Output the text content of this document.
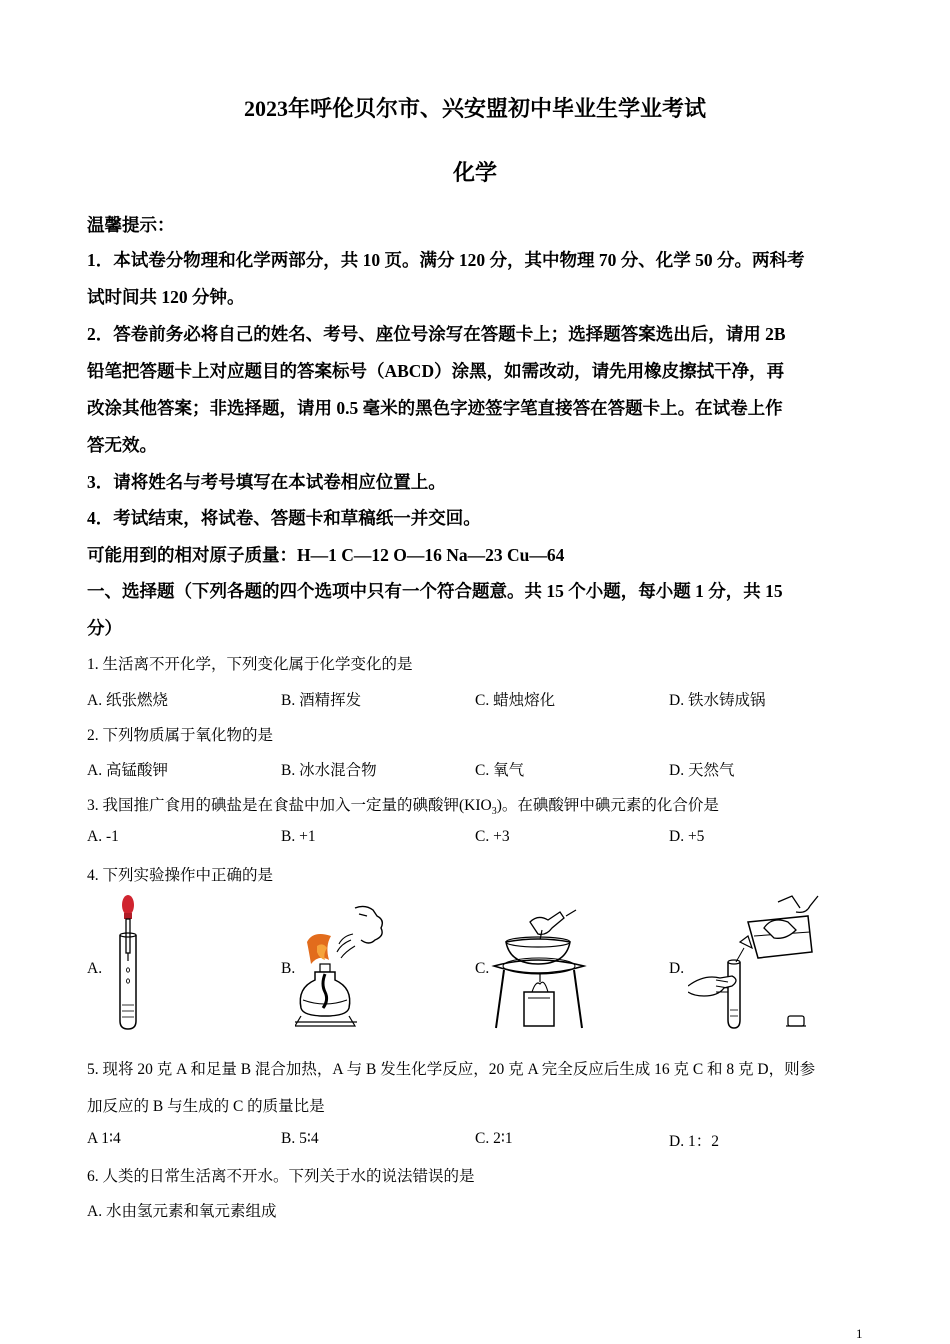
2023年呼伦贝尔市、兴安盟初中毕业生学业考试
化学
温馨提示：
1．本试卷分物理和化学两部分，共 10 页。满分 120 分，其中物理 70 分、化学 50 分。两科考
试时间共 120 分钟。
2．答卷前务必将自己的姓名、考号、座位号涂写在答题卡上；选择题答案选出后，请用 2B
铅笔把答题卡上对应题目的答案标号（ABCD）涂黑，如需改动，请先用橡皮擦拭干净，再
改涂其他答案；非选择题，请用 0.5 毫米的黑色字迹签字笔直接答在答题卡上。在试卷上作
答无效。
3．请将姓名与考号填写在本试卷相应位置上。
4．考试结束，将试卷、答题卡和草稿纸一并交回。
可能用到的相对原子质量：H—1 C—12 O—16 Na—23 Cu—64
一、选择题（下列各题的四个选项中只有一个符合题意。共 15 个小题，每小题 1 分，共 15
分）
1. 生活离不开化学，下列变化属于化学变化的是
A. 纸张燃烧	B. 酒精挥发	C. 蜡烛熔化	D. 铁水铸成锅
2. 下列物质属于氧化物的是
A. 高锰酸钾	B. 冰水混合物	C. 氧气	D. 天然气
3. 我国推广食用的碘盐是在食盐中加入一定量的碘酸钾$(KIO_3)$。在碘酸钾中碘元素的化合价是
A. -1	B. +1	C. +3	D. +5
4. 下列实验操作中正确的是
A.	B.	C.	D.
5. 现将 20 克 A 和足量 B 混合加热，A 与 B 发生化学反应，20 克 A 完全反应后生成 16 克 C 和 8 克 D，则参
加反应的 B 与生成的 C 的质量比是
A 1∶4	B. 5∶4	C. 2∶1	D. 1：2
6. 人类的日常生活离不开水。下列关于水的说法错误的是
A. 水由氢元素和氧元素组成
1
